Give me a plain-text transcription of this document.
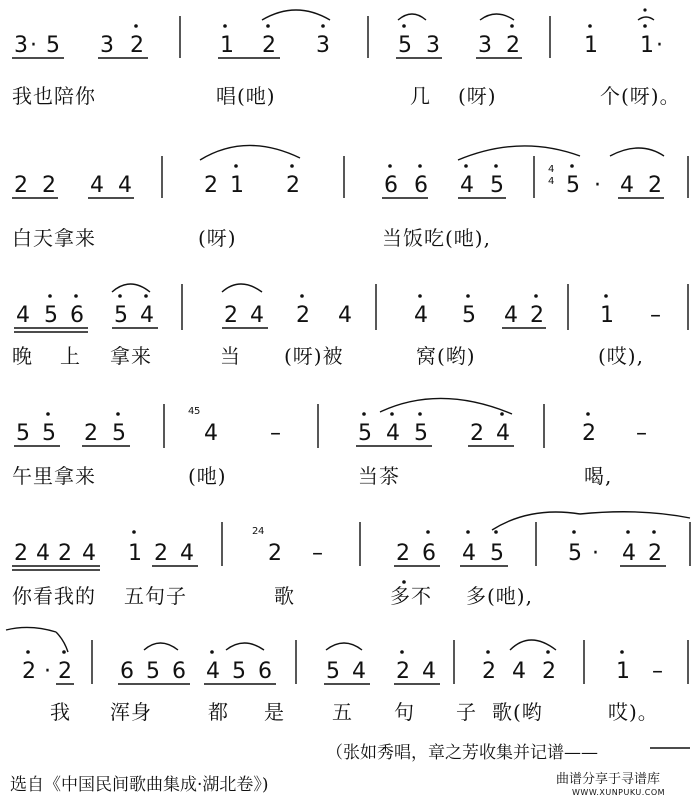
3 · 5 3 2	1 2 3	5 3 3 2	1 1 ·
2 2 4 4	2 1 2	6 6 4 5	5 · 4 2
4
4
4 5 6 5 4	2 4 2 4	4 5 4 2	1 –
5 5 2 5	4 –	5 4 5 2 4	2 –
4 5
2 4 2 4 1 2 4	2 –	2 6 4 5	5 · 4 2
2 4
2 · 2 6 5 6 4 5 6 5 4 2 4 2 4 2	1 –
我也陪你	唱(吔)	几 (呀)	个(呀)。
白天拿来	(呀)	当饭吃(吔),
晚 上 拿来	当 (呀)被	窝(哟)	(哎),
午里拿来	(吔)	当茶	喝,
你看我的 五句子	歌	多不 多(吔),
我 浑身	都 是 五 句 子 歌(哟	哎)。
（张如秀唱，章之芳收集并记谱——
选自《中国民间歌曲集成·湖北卷》)	曲谱分享于寻谱库
WWW.XUNPUKU.COM
